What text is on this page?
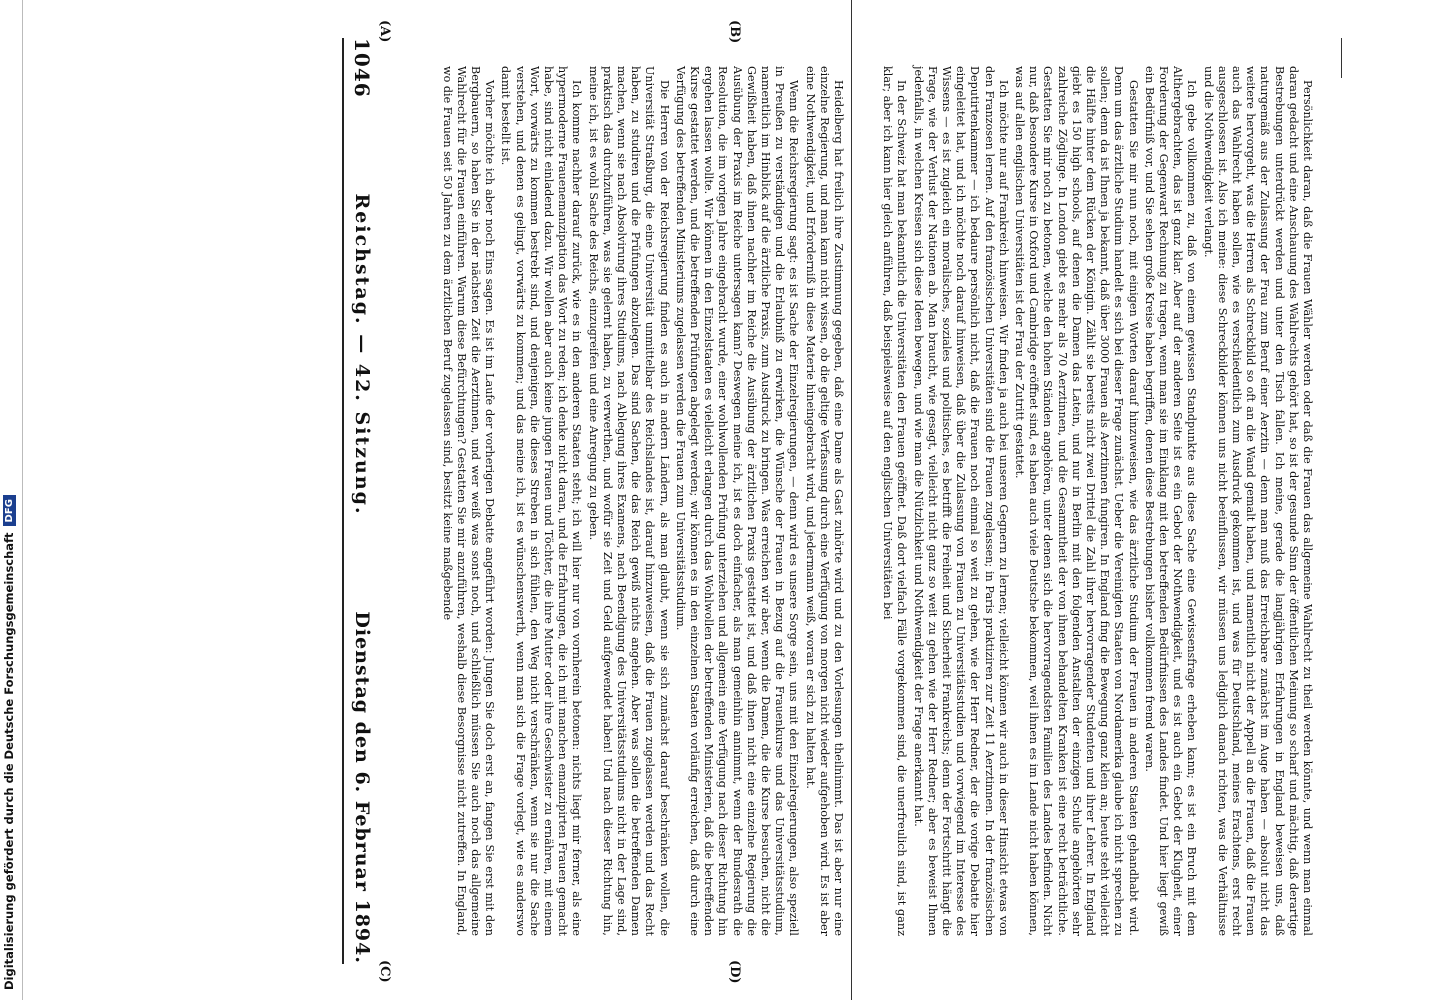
Digitalisierung gefördert durch die Deutsche Forschungsgemeinschaft
DFG
1046
Reichstag. — 42. Sitzung.
Dienstag den 6. Februar 1894.	Heidelberg hat freilich ihre Zustimmung gegeben, daß eine Dame als Gast zuhörte wird und zu den Vorlesungen theilnimmt. Das ist aber nur eine einzelne Regierung, und man kann nicht wissen, ob die geltige Verfassung durch eine Verfügung von morgen nicht wieder aufgehoben wird. Es ist aber eine Nothwendigkeit, und Erforderniß in diese Materie hineingebracht wird, und jedermann weiß, woran er sich zu halten hat.

Wenn die Reichsregierung sagt: es ist Sache der Einzelregierungen, — denn wird es unsere Sorge sein, uns mit den Einzelregierungen, also speziell in Preußen zu verständigen und die Erlaubniß zu erwirken, die Wünsche der Frauen in Bezug auf die Frauenkurse und das Universitätsstudium, namentlich im Hinblick auf die ärztliche Praxis, zum Ausdruck zu bringen. Was erreichen wir aber, wenn die Damen, die die Kurse besuchen, nicht die Gewißheit haben, daß ihnen nachher im Reiche die Ausübung der ärztlichen Praxis gestattet ist, und daß ihnen nicht eine einzelne Regierung die Ausübung der Praxis im Reiche untersagen kann? Deswegen meine ich, ist es doch einfacher, als man gemeinhin annimmt, wenn der Bundesrath die Resolution, die im vorigen Jahre eingebracht wurde, einer wohlwollenden Prüfung unterziehen und allgemein eine Verfügung nach dieser Richtung hin ergehen lassen wollte. Wir können in den Einzelstaaten es vielleicht erlangen durch das Wohlwollen der betreffenden Ministerien, daß die betreffenden Kurse gestattet werden, und die betreffenden Prüfungen abgelegt werden; wir können es in den einzelnen Staaten vorläufig erreichen, daß durch eine Verfügung des betreffenden Ministeriums zugelassen werden die Frauen zum Universitätsstudium.

Die Herren von der Reichsregierung finden es auch in andern Ländern, als man glaubt, wenn sie sich zunächst darauf beschränken wollen, die Universität Straßburg, die eine Universität unmittelbar des Reichslandes ist, darauf hinzuweisen, daß die Frauen zugelassen werden und das Recht haben, zu studiren und die Prüfungen abzulegen. Das sind Sachen, die das Reich gewiß nichts angehen. Aber was sollen die betreffenden Damen machen, wenn sie nach Absolvirung ihres Studiums, nach Ablegung ihres Examens, nach Beendigung des Universitätsstudiums nicht in der Lage sind, praktisch das durchzuführen, was sie gelernt haben, zu verwerthen, und wofür sie Zeit und Geld aufgewendet haben! Und nach dieser Richtung hin, meine ich, ist es wohl Sache des Reichs, einzugreifen und eine Anregung zu geben.

Ich komme nachher darauf zurück, wie es in den anderen Staaten steht; ich will hier nur von vornherein betonen: nichts liegt mir ferner, als eine hypermoderne Frauenemanzipation das Wort zu reden; ich denke nicht daran, und die Erfahrungen, die ich mit manchen emanzipirten Frauen gemacht habe, sind nicht einladend dazu. Wir wollen aber auch keine jungen Frauen und Töchter, die ihre Mutter oder ihre Geschwister zu ernähren, mit einem Wort, vorwärts zu kommen bestrebt sind, und denjenigen, die dieses Streben in sich fühlen, den Weg nicht verschränken, wenn sie nur die Sache verstehen, und denen es gelingt, vorwärts zu kommen; und das meine ich, ist es wünschenswerth, wenn man sich die Frage vorlegt, wie es anderswo damit bestellt ist.

Vorher möchte ich aber noch Eins sagen. Es ist im Laufe der vorherigen Debatte angeführt worden: Jungen Sie doch erst an, fangen Sie erst mit den Bergbauern, so haben Sie in der nächsten Zeit die Aerztinnen, und wer weiß was sonst noch, und schließlich müssen Sie auch noch das allgemeine Wahlrecht für die Frauen einführen. Warum diese Befürchtungen? Gestatten Sie mir anzuführen, weshalb diese Besorgnisse nicht zutreffen. In England, wo die Frauen seit 50 Jahren zu dem ärztlichen Beruf zugelassen sind, besitzt keine maßgebende	Persönlichkeit daran, daß die Frauen Wähler werden oder daß die Frauen das allgemeine Wahlrecht zu theil werden könnte, und wenn man einmal daran gedacht und eine Anschauung des Wahlrechts gehört hat, so ist der gesunde Sinn der öffentlichen Meinung so scharf und mächtig, daß derartige Bestrebungen unterdrückt werden und unter den Tisch fallen. Ich meine, gerade die langjährigen Erfahrungen in England beweisen uns, daß naturgemäß aus der Zulassung der Frau zum Beruf einer Aerztin — denn man muß das Erreichbare zunächst im Auge haben — absolut nicht das weitere hervorgeht, was die Herren als Schreckbild so oft an die Wand gemalt haben, und namentlich nicht der Appell an die Frauen, daß die Frauen auch das Wahlrecht haben sollen, wie es verschiedentlich zum Ausdruck gekommen ist, und was für Deutschland, meines Erachtens, erst recht ausgeschlossen ist. Also ich meine: diese Schreckbilder können uns nicht beeinflussen, wir müssen uns lediglich danach richten, was die Verhältnisse und die Nothwendigkeit verlangt.

Ich gebe vollkommen zu, daß von einem gewissen Standpunkte aus diese Sache eine Gewissensfrage erheben kann; es ist ein Bruch mit dem Althergebrachten, das ist ganz klar. Aber auf der anderen Seite ist es ein Gebot der Nothwendigkeit, und es ist auch ein Gebot der Klugheit, einer Forderung der Gegenwart Rechnung zu tragen, wenn man sie im Einklang mit den betreffenden Bedürfnissen des Landes findet. Und hier liegt gewiß ein Bedürfniß vor, und Sie sehen große Kreise haben begriffen, denen diese Bestrebungen bisher vollkommen fremd waren.

Gestatten Sie mir nun noch, mit einigen Worten darauf hinzuweisen, wie das ärztliche Studium der Frauen in anderen Staaten gehandhabt wird. Denn um das ärztliche Studium handelt es sich bei dieser Frage zunächst. Ueber die Vereinigten Staaten von Nordamerika glaube ich nicht sprechen zu sollen; denn da ist Ihnen ja bekannt, daß über 3000 Frauen als Aerztinnen fungiren. In England fing die Bewegung ganz klein an; heute steht vielleicht die Hälfte hinter dem Rücken der Königin. Zählt sie bereits nicht zwei Drittel die Zahl ihrer hervorragender Studenten und ihrer Lehrer. In England giebt es 150 high schools, auf denen die Damen das Latein, und nur in Berlin mit den folgenden Anstalten der einzigen Schule angehörten sehr zahlreiche Zöglinge. In London giebt es mehr als 70 Aerztinnen, und die Gesammtheit der von ihnen behandelten Kranken ist eine recht beträchtliche. Gestatten Sie mir noch zu betonen, welche den hohen Ständen angehören, unter denen sich die hervorragendsten Familien des Landes befinden. Nicht nur, daß besondere Kurse in Oxford und Cambridge eröffnet sind, es haben auch viele Deutsche bekommen, weil ihnen es im Lande nicht haben können, was auf allen englischen Universitäten ist der Frau der Zutritt gestattet.

Ich möchte nur auf Frankreich hinweisen. Wir finden ja auch bei unseren Gegnern zu lernen; vielleicht können wir auch in dieser Hinsicht etwas von den Franzosen lernen. Auf den französischen Universitäten sind die Frauen zugelassen; in Paris praktiziren zur Zeit 11 Aerztinnen. In der französischen Deputirtenkammer — ich bedaure persönlich nicht, daß die Frauen noch einmal so weit zu gehen, wie der Herr Redner, der die vorige Debatte hier eingeleitet hat, und ich möchte noch darauf hinweisen, daß über die Zulassung von Frauen zu Universitätsstudien und vorwiegend im Interesse des Wissens — es ist zugleich ein moralisches, soziales und politisches, es betrifft die Freiheit und Sicherheit Frankreichs; denn der Fortschritt hängt die Frage, wie der Verlust der Nationen ab. Man braucht, wie gesagt, vielleicht nicht ganz so weit zu gehen wie der Herr Redner; aber es beweist Ihnen jedenfalls, in welchen Kreisen sich diese Ideen bewegen, und wie man die Nützlichkeit und Nothwendigkeit der Frage anerkannt hat.

In der Schweiz hat man bekanntlich die Universitäten den Frauen geöffnet. Daß dort vielfach Fälle vorgekommen sind, die unerfreulich sind, ist ganz klar; aber ich kann hier gleich anführen, daß beispielsweise auf den englischen Universitäten bei

(A)	(B)
(C)	(D)
